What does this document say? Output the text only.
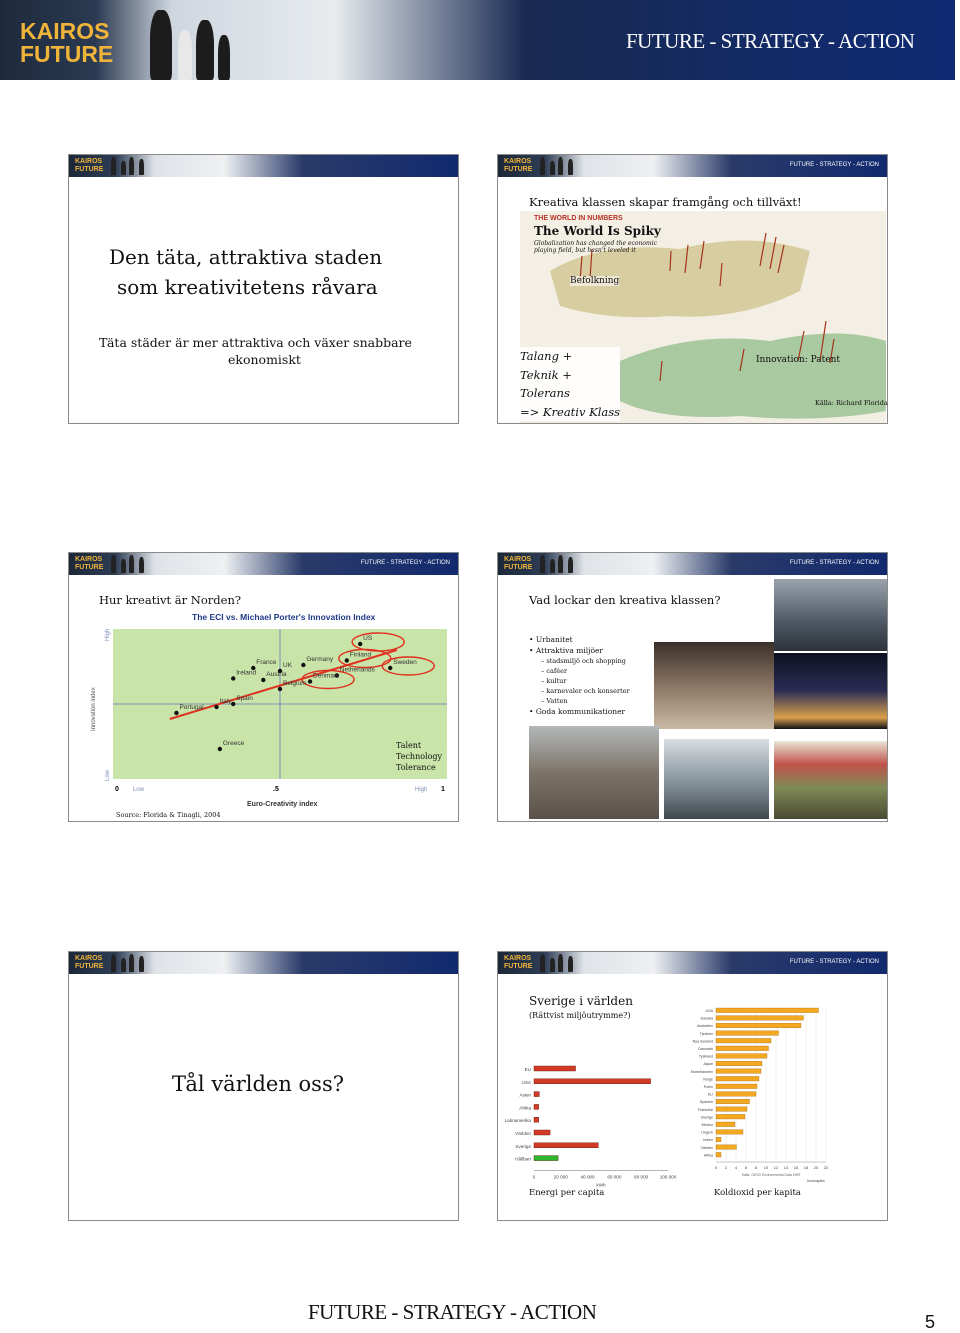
KAIROS
FUTURE	FUTURE - STRATEGY - ACTION
KAIROS
FUTURE
Den täta, attraktiva staden
som kreativitetens råvara
Täta städer är mer attraktiva och växer snabbare
ekonomiskt
KAIROS
FUTURE
FUTURE - STRATEGY - ACTION
Kreativa klassen skapar framgång och tillväxt!
THE WORLD IN NUMBERS
The World Is Spiky
Globalization has changed the economic
playing field, but hasn't leveled it
Befolkning
Talang +
Teknik +
Tolerans
=> Kreativ Klass
Innovation: Patent
Källa: Richard Florida
KAIROS
FUTURE
FUTURE - STRATEGY - ACTION
Hur kreativt är Norden?
The ECI vs. Michael Porter's Innovation Index
US
Finland
Sweden
Germany
France UK
Netherlands
Ireland Austria	Denmark
Belgium
Spain
Italy
Portugal
Greece
Innovation index
High
Low
0 Low	.5	High 1
Euro-Creativity index
Talent
Technology
Tolerance
Source: Florida & Tinagli, 2004
KAIROS
FUTURE
FUTURE - STRATEGY - ACTION
Vad lockar den kreativa klassen?
• Urbanitet
• Attraktiva miljöer
– stadsmiljö och shopping
– caféer
– kultur
– karnevaler och konserter
– Vatten
• Goda kommunikationer
KAIROS
FUTURE
Tål världen oss?
KAIROS
FUTURE
FUTURE - STRATEGY - ACTION
Sverige i världen
(Rättvist miljöutrymme?)
EU
USA
Asien
Afrika
Latinamerika
Världen
Sverige
Hållbart
0	20 000	40 000	60 000	80 000 100 000
kWh
USA
Kanada
Australien
Tjeckien
Nya Zeeland
Danmark
Tyskland
Japan
Storbritannien
Norge
Polen
EU
Spanien
Frankrike
Sverige
Mexiko
Ungern
Indien
Världen
Afrika
0 2 4 6 8 10 12 14 16 18 20 22
Källa: OECD Environmental Data 1999
ton/capita
Energi per capita	Koldioxid per kapita
FUTURE - STRATEGY - ACTION	5
